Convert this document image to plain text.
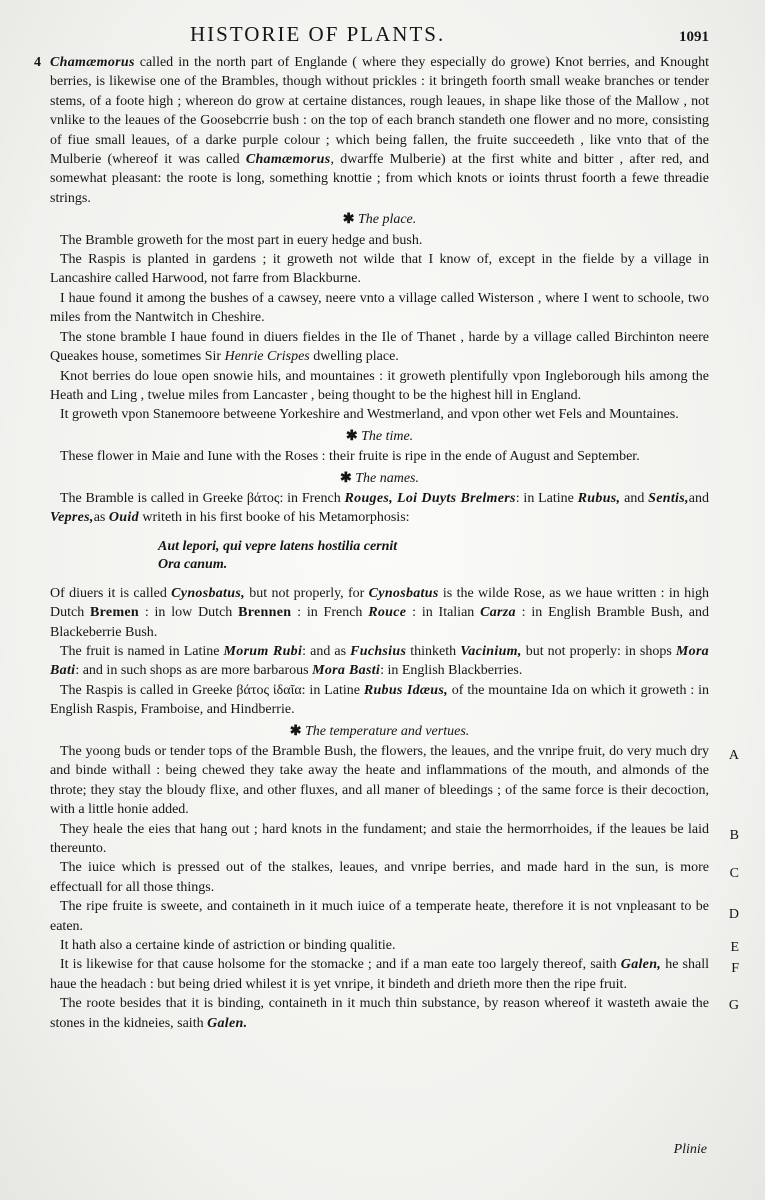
HISTORIE OF PLANTS.	1091

4 Chamæmorus called in the north part of Englande ( where they especially do growe) Knot berries, and Knought berries, is likewise one of the Brambles, though without prickles : it bringeth foorth small weake branches or tender stems, of a foote high ; whereon do grow at certaine distances, rough leaues, in shape like those of the Mallow , not vnlike to the leaues of the Goosebcrrie bush : on the top of each branch standeth one flower and no more, consisting of fiue small leaues, of a darke purple colour ; which being fallen, the fruite succeedeth , like vnto that of the Mulberie (whereof it was called Chamæmorus, dwarffe Mulberie) at the first white and bitter , after red, and somewhat pleasant: the roote is long, something knottie ; from which knots or ioints thrust foorth a fewe threadie strings.

✱ The place.

The Bramble groweth for the most part in euery hedge and bush.

The Raspis is planted in gardens ; it groweth not wilde that I know of, except in the fielde by a village in Lancashire called Harwood, not farre from Blackburne.

I haue found it among the bushes of a cawsey, neere vnto a village called Wisterson , where I went to schoole, two miles from the Nantwitch in Cheshire.

The stone bramble I haue found in diuers fieldes in the Ile of Thanet , harde by a village called Birchinton neere Queakes house, sometimes Sir Henrie Crispes dwelling place.

Knot berries do loue open snowie hils, and mountaines : it groweth plentifully vpon Ingleborough hils among the Heath and Ling , twelue miles from Lancaster , being thought to be the highest hill in England.

It groweth vpon Stanemoore betweene Yorkeshire and Westmerland, and vpon other wet Fels and Mountaines.

✱ The time.

These flower in Maie and Iune with the Roses : their fruite is ripe in the ende of August and September.

✱ The names.

The Bramble is called in Greeke βάτος: in French Rouges, Loi Duyts Brelmers: in Latine Rubus, and Sentis,and Vepres,as Ouid writeth in his first booke of his Metamorphosis:

Aut lepori, qui vepre latens hostilia cernit
Ora canum.

Of diuers it is called Cynosbatus, but not properly, for Cynosbatus is the wilde Rose, as we haue written : in high Dutch Bremen : in low Dutch Brennen : in French Rouce : in Italian Carza : in English Bramble Bush, and Blackeberrie Bush.

The fruit is named in Latine Morum Rubi: and as Fuchsius thinketh Vacinium, but not properly: in shops Mora Bati: and in such shops as are more barbarous Mora Basti: in English Blackberries.

The Raspis is called in Greeke βάτος ἰδαῖα: in Latine Rubus Idæus, of the mountaine Ida on which it groweth : in English Raspis, Framboise, and Hindberrie.

✱ The temperature and vertues.

The yoong buds or tender tops of the Bramble Bush, the flowers, the leaues, and the vnripe fruit, do very much dry and binde withall : being chewed they take away the heate and inflammations of the mouth, and almonds of the throte; they stay the bloudy flixe, and other fluxes, and all maner of bleedings ; of the same force is their decoction, with a little honie added.
A

They heale the eies that hang out ; hard knots in the fundament; and staie the hermorrhoides, if the leaues be laid thereunto.
B

The iuice which is pressed out of the stalkes, leaues, and vnripe berries, and made hard in the sun, is more effectuall for all those things.
C

The ripe fruite is sweete, and containeth in it much iuice of a temperate heate, therefore it is not vnpleasant to be eaten.
D

It hath also a certaine kinde of astriction or binding qualitie.	E

It is likewise for that cause holsome for the stomacke ; and if a man eate too largely thereof, saith Galen, he shall haue the headach : but being dried whilest it is yet vnripe, it bindeth and drieth more then the ripe fruit.
F

The roote besides that it is binding, containeth in it much thin substance, by reason whereof it wasteth awaie the stones in the kidneies, saith Galen.
G

Plinie
